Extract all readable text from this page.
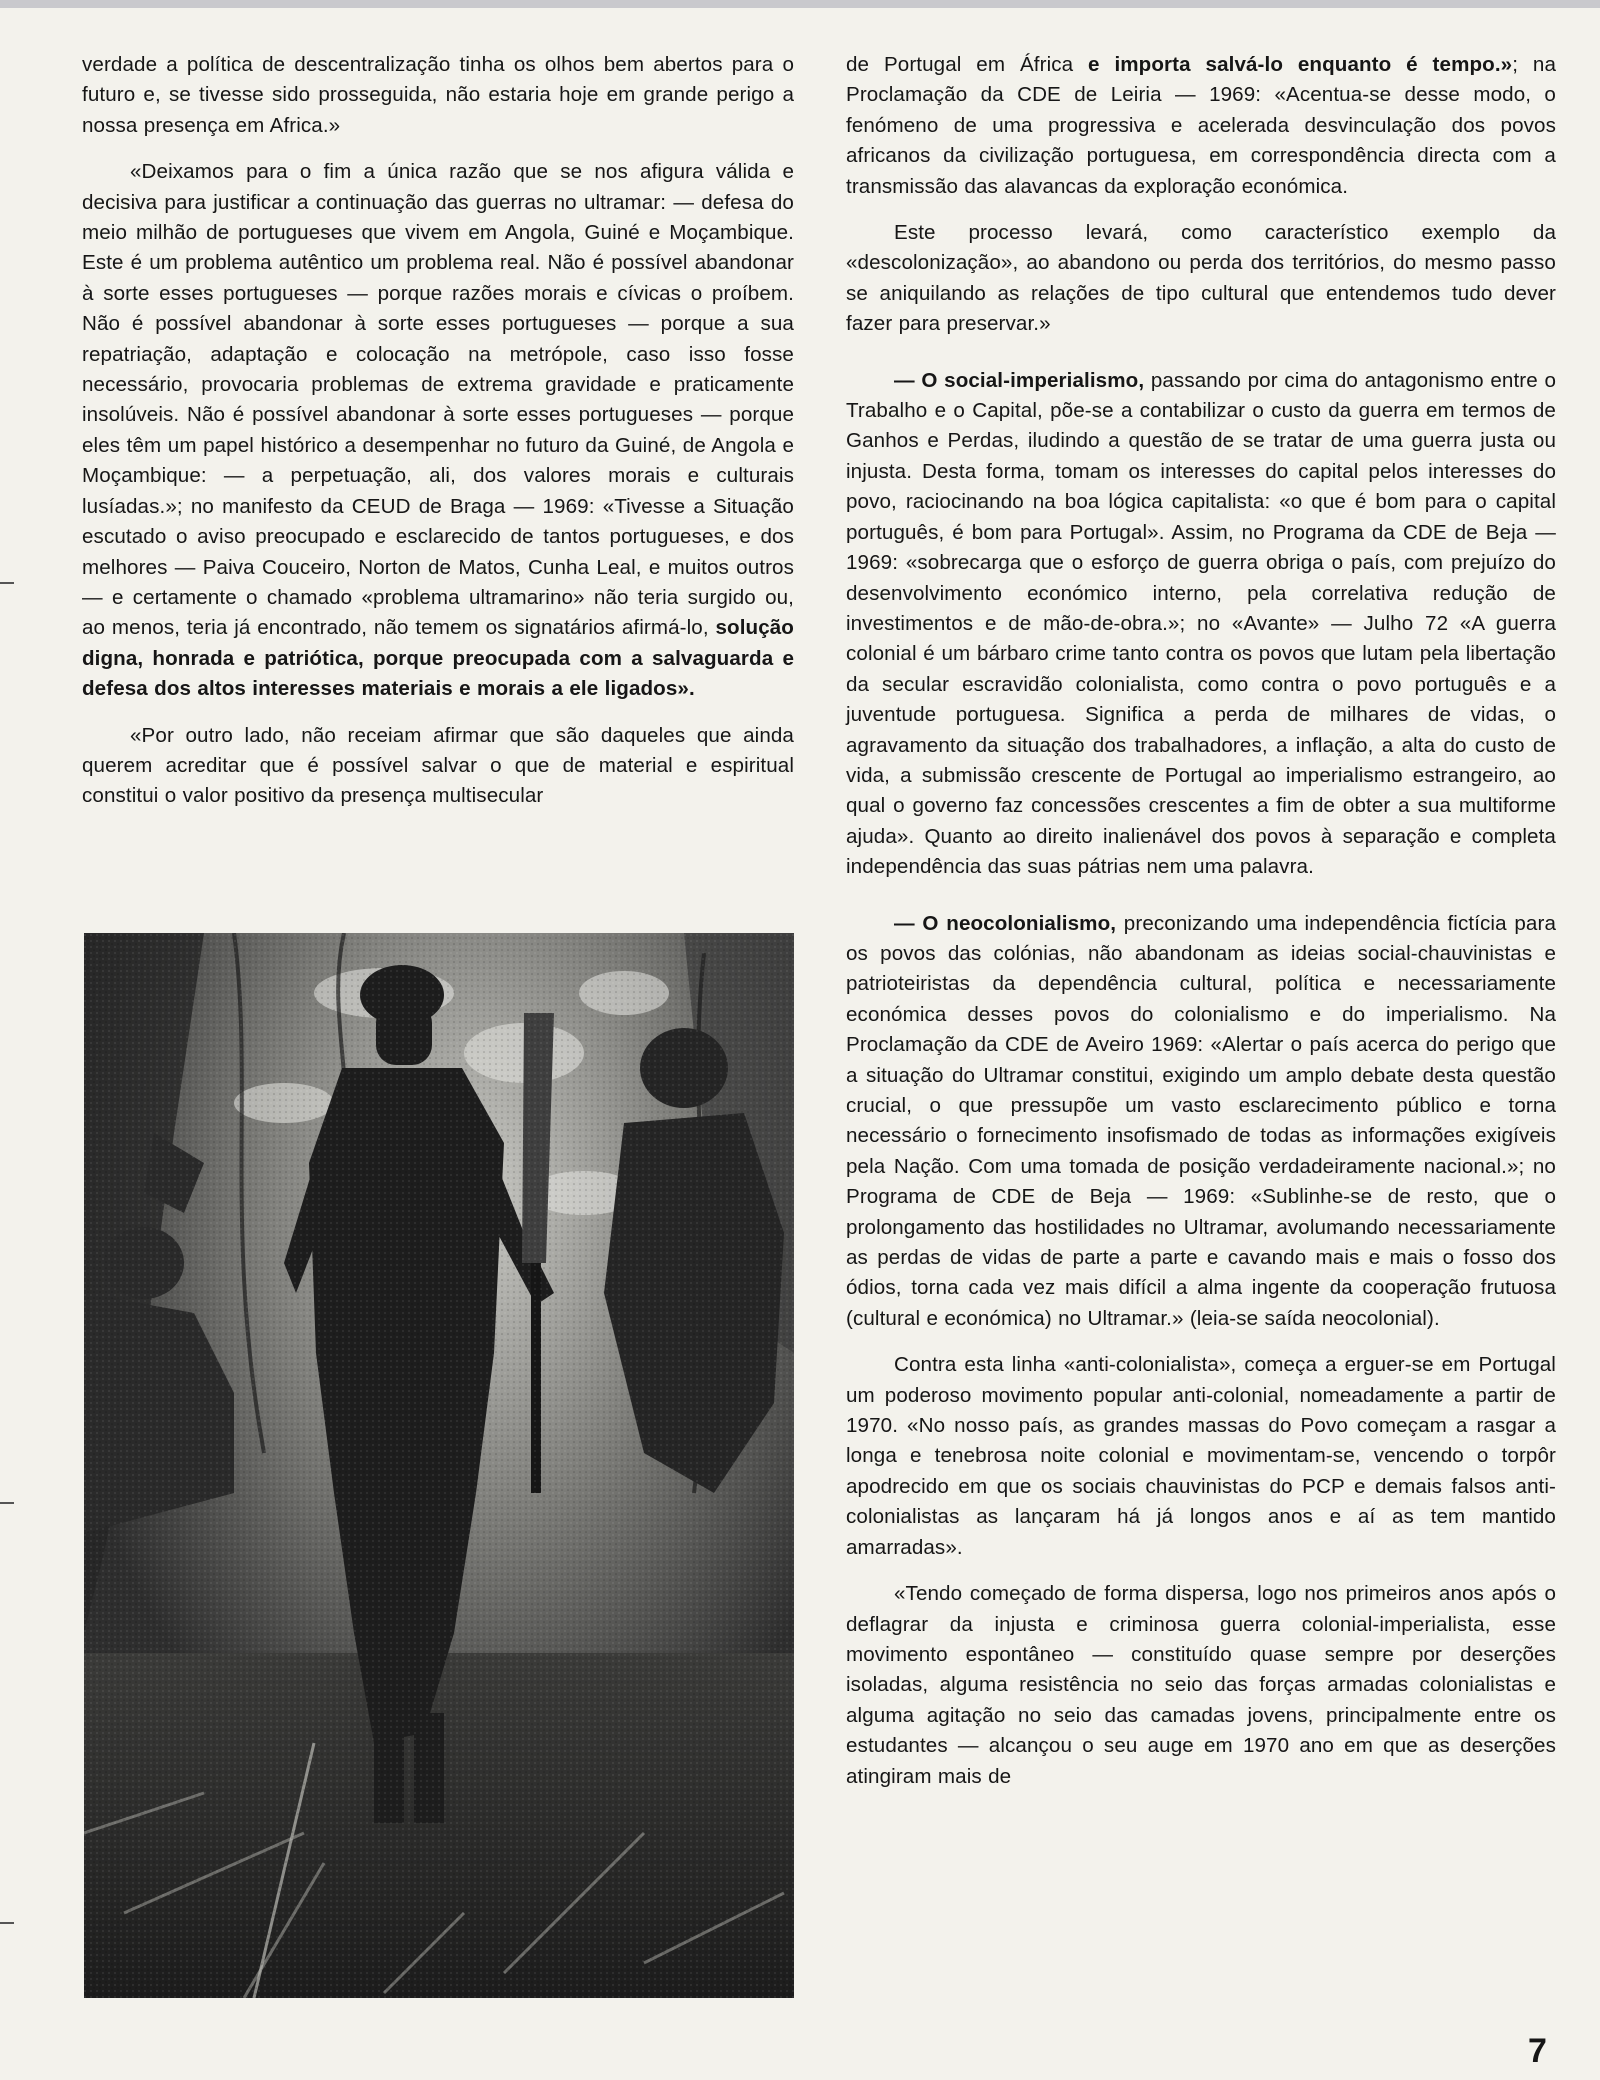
verdade a política de descentralização tinha os olhos bem abertos para o futuro e, se tivesse sido prosseguida, não estaria hoje em grande perigo a nossa presença em Africa.»

«Deixamos para o fim a única razão que se nos afigura válida e decisiva para justificar a continuação das guerras no ultramar: — defesa do meio milhão de portugueses que vivem em Angola, Guiné e Moçambique. Este é um problema autêntico um problema real. Não é possível abandonar à sorte esses portugueses — porque razões morais e cívicas o proíbem. Não é possível abandonar à sorte esses portugueses — porque a sua repatriação, adaptação e colocação na metrópole, caso isso fosse necessário, provocaria problemas de extrema gravidade e praticamente insolúveis. Não é possível abandonar à sorte esses portugueses — porque eles têm um papel histórico a desempenhar no futuro da Guiné, de Angola e Moçambique: — a perpetuação, ali, dos valores morais e culturais lusíadas.»; no manifesto da CEUD de Braga — 1969: «Tivesse a Situação escutado o aviso preocupado e esclarecido de tantos portugueses, e dos melhores — Paiva Couceiro, Norton de Matos, Cunha Leal, e muitos outros — e certamente o chamado «problema ultramarino» não teria surgido ou, ao menos, teria já encontrado, não temem os signatários afirmá-lo, solução digna, honrada e patriótica, porque preocupada com a salvaguarda e defesa dos altos interesses materiais e morais a ele ligados».

«Por outro lado, não receiam afirmar que são daqueles que ainda querem acreditar que é possível salvar o que de material e espiritual constitui o valor positivo da presença multisecular

de Portugal em África e importa salvá-lo enquanto é tempo.»; na Proclamação da CDE de Leiria — 1969: «Acentua-se desse modo, o fenómeno de uma progressiva e acelerada desvinculação dos povos africanos da civilização portuguesa, em correspondência directa com a transmissão das alavancas da exploração económica.

Este processo levará, como característico exemplo da «descolonização», ao abandono ou perda dos territórios, do mesmo passo se aniquilando as relações de tipo cultural que entendemos tudo dever fazer para preservar.»

— O social-imperialismo, passando por cima do antagonismo entre o Trabalho e o Capital, põe-se a contabilizar o custo da guerra em termos de Ganhos e Perdas, iludindo a questão de se tratar de uma guerra justa ou injusta. Desta forma, tomam os interesses do capital pelos interesses do povo, raciocinando na boa lógica capitalista: «o que é bom para o capital português, é bom para Portugal». Assim, no Programa da CDE de Beja — 1969: «sobrecarga que o esforço de guerra obriga o país, com prejuízo do desenvolvimento económico interno, pela correlativa redução de investimentos e de mão-de-obra.»; no «Avante» — Julho 72 «A guerra colonial é um bárbaro crime tanto contra os povos que lutam pela libertação da secular escravidão colonialista, como contra o povo português e a juventude portuguesa. Significa a perda de milhares de vidas, o agravamento da situação dos trabalhadores, a inflação, a alta do custo de vida, a submissão crescente de Portugal ao imperialismo estrangeiro, ao qual o governo faz concessões crescentes a fim de obter a sua multiforme ajuda». Quanto ao direito inalienável dos povos à separação e completa independência das suas pátrias nem uma palavra.

— O neocolonialismo, preconizando uma independência fictícia para os povos das colónias, não abandonam as ideias social-chauvinistas e patrioteiristas da dependência cultural, política e necessariamente económica desses povos do colonialismo e do imperialismo. Na Proclamação da CDE de Aveiro 1969: «Alertar o país acerca do perigo que a situação do Ultramar constitui, exigindo um amplo debate desta questão crucial, o que pressupõe um vasto esclarecimento público e torna necessário o fornecimento insofismado de todas as informações exigíveis pela Nação. Com uma tomada de posição verdadeiramente nacional.»; no Programa de CDE de Beja — 1969: «Sublinhe-se de resto, que o prolongamento das hostilidades no Ultramar, avolumando necessariamente as perdas de vidas de parte a parte e cavando mais e mais o fosso dos ódios, torna cada vez mais difícil a alma ingente da cooperação frutuosa (cultural e económica) no Ultramar.» (leia-se saída neocolonial).

Contra esta linha «anti-colonialista», começa a erguer-se em Portugal um poderoso movimento popular anti-colonial, nomeadamente a partir de 1970. «No nosso país, as grandes massas do Povo começam a rasgar a longa e tenebrosa noite colonial e movimentam-se, vencendo o torpôr apodrecido em que os sociais chauvinistas do PCP e demais falsos anti-colonialistas as lançaram há já longos anos e aí as tem mantido amarradas».

«Tendo começado de forma dispersa, logo nos primeiros anos após o deflagrar da injusta e criminosa guerra colonial-imperialista, esse movimento espontâneo — constituído quase sempre por deserções isoladas, alguma resistência no seio das forças armadas colonialistas e alguma agitação no seio das camadas jovens, principalmente entre os estudantes — alcançou o seu auge em 1970 ano em que as deserções atingiram mais de

7
